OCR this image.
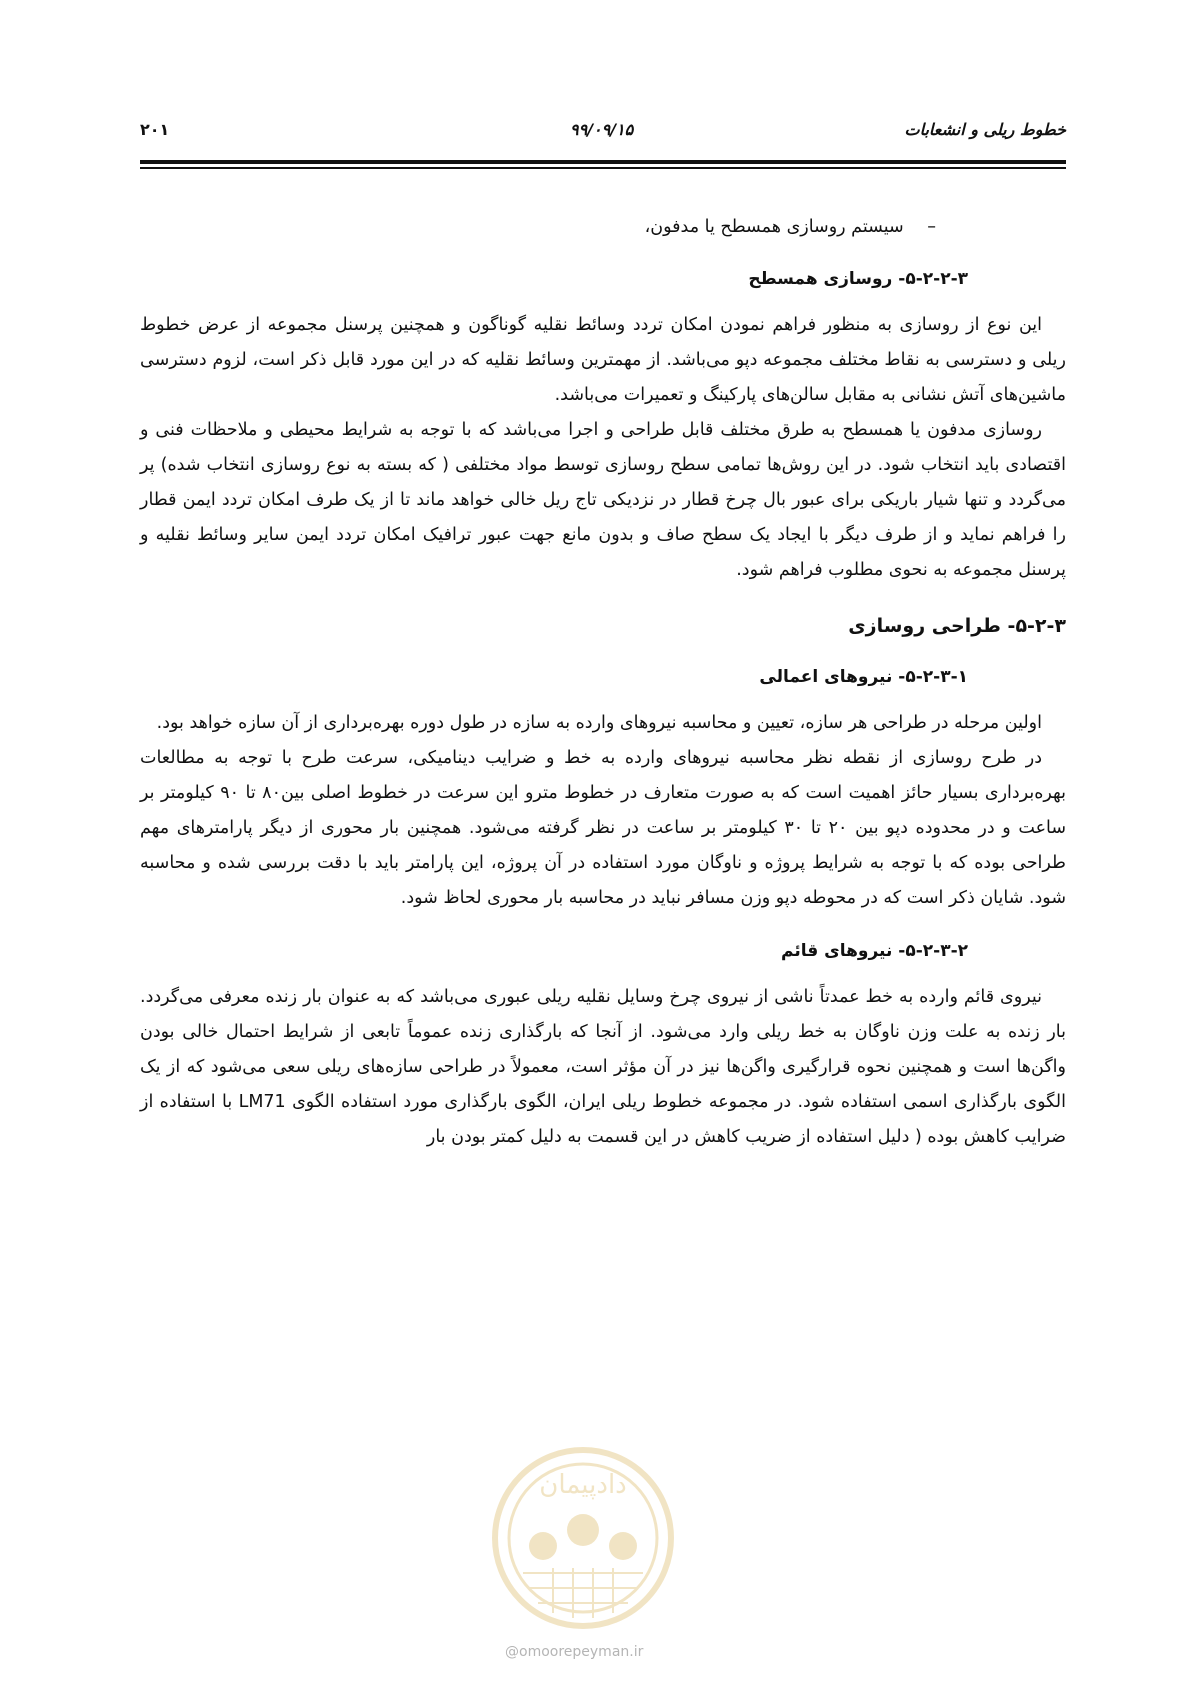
خطوط ریلی و انشعابات
۹۹/۰۹/۱۵
۲۰۱
– سیستم روسازی همسطح یا مدفون،
۵-۲-۲-۳- روسازی همسطح

این نوع از روسازی به منظور فراهم نمودن امکان تردد وسائط نقلیه گوناگون و همچنین پرسنل مجموعه از عرض خطوط ریلی و دسترسی به نقاط مختلف مجموعه دپو می‌باشد. از مهمترین وسائط نقلیه که در این مورد قابل ذکر است، لزوم دسترسی ماشین‌های آتش نشانی به مقابل سالن‌های پارکینگ و تعمیرات می‌باشد.

روسازی مدفون یا همسطح به طرق مختلف قابل طراحی و اجرا می‌باشد که با توجه به شرایط محیطی و ملاحظات فنی و اقتصادی باید انتخاب شود. در این روش‌ها تمامی سطح روسازی توسط مواد مختلفی ( که بسته به نوع روسازی انتخاب شده) پر می‌گردد و تنها شیار باریکی برای عبور بال چرخ قطار در نزدیکی تاج ریل خالی خواهد ماند تا از یک طرف امکان تردد ایمن قطار را فراهم نماید و از طرف دیگر با ایجاد یک سطح صاف و بدون مانع جهت عبور ترافیک امکان تردد ایمن سایر وسائط نقلیه و پرسنل مجموعه به نحوی مطلوب فراهم شود.

۵-۲-۳- طراحی روسازی
۵-۲-۳-۱- نیروهای اعمالی

اولین مرحله در طراحی هر سازه، تعیین و محاسبه نیروهای وارده به سازه در طول دوره بهره‌برداری از آن سازه خواهد بود.

در طرح روسازی از نقطه نظر محاسبه نیروهای وارده به خط و ضرایب دینامیکی، سرعت طرح با توجه به مطالعات بهره‌برداری بسیار حائز اهمیت است که به صورت متعارف در خطوط مترو این سرعت در خطوط اصلی بین۸۰ تا ۹۰ کیلومتر بر ساعت و در محدوده دپو بین ۲۰ تا ۳۰ کیلومتر بر ساعت در نظر گرفته می‌شود. همچنین بار محوری از دیگر پارامترهای مهم طراحی بوده که با توجه به شرایط پروژه و ناوگان مورد استفاده در آن پروژه، این پارامتر باید با دقت بررسی شده و محاسبه شود. شایان ذکر است که در محوطه دپو وزن مسافر نباید در محاسبه بار محوری لحاظ شود.

۵-۲-۳-۲- نیروهای قائم

نیروی قائم وارده به خط عمدتاً ناشی از نیروی چرخ وسایل نقلیه ریلی عبوری می‌باشد که به عنوان بار زنده معرفی می‌گردد. بار زنده به علت وزن ناوگان به خط ریلی وارد می‌شود. از آنجا که بارگذاری زنده عموماً تابعی از شرایط احتمال خالی بودن واگن‌ها است و همچنین نحوه قرارگیری واگن‌ها نیز در آن مؤثر است، معمولاً در طراحی سازه‌های ریلی سعی می‌شود که از یک الگوی بارگذاری اسمی استفاده شود. در مجموعه خطوط ریلی ایران، الگوی بارگذاری مورد استفاده الگوی LM71 با استفاده از ضرایب کاهش بوده ( دلیل استفاده از ضریب کاهش در این قسمت به دلیل کمتر بودن بار

دادپیمان
@omoorepeyman.ir
